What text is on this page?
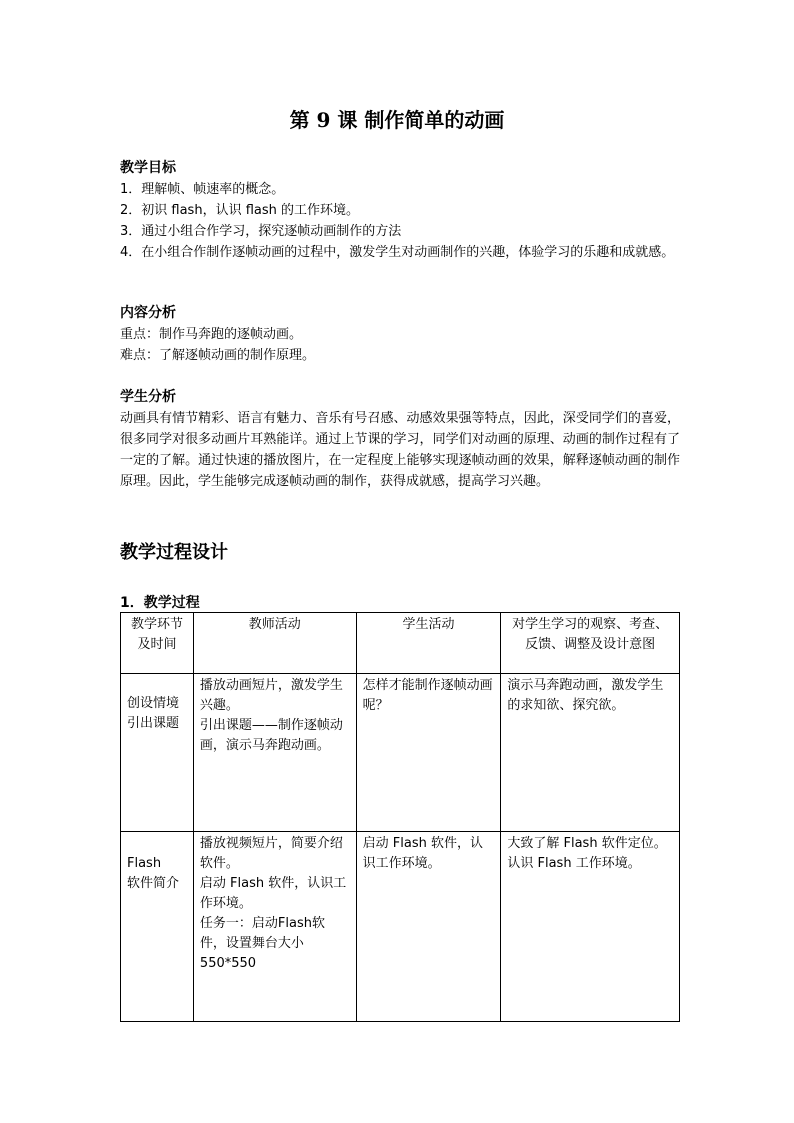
第 9 课 制作简单的动画
教学目标
1．理解帧、帧速率的概念。
2．初识 flash，认识 flash 的工作环境。
3．通过小组合作学习，探究逐帧动画制作的方法
4．在小组合作制作逐帧动画的过程中，激发学生对动画制作的兴趣，体验学习的乐趣和成就感。
内容分析
重点：制作马奔跑的逐帧动画。
难点：了解逐帧动画的制作原理。
学生分析
动画具有情节精彩、语言有魅力、音乐有号召感、动感效果强等特点，因此，深受同学们的喜爱，很多同学对很多动画片耳熟能详。通过上节课的学习，同学们对动画的原理、动画的制作过程有了一定的了解。通过快速的播放图片，在一定程度上能够实现逐帧动画的效果，解释逐帧动画的制作原理。因此，学生能够完成逐帧动画的制作，获得成就感，提高学习兴趣。
教学过程设计
1．教学过程
教学环节及时间	教师活动	学生活动	对学生学习的观察、考查、
反馈、调整及设计意图
创设情境
引出课题	播放动画短片，激发学生兴趣。
引出课题——制作逐帧动画，演示马奔跑动画。	怎样才能制作逐帧动画呢？	演示马奔跑动画，激发学生的求知欲、探究欲。
Flash
软件简介	播放视频短片，简要介绍软件。
启动 Flash 软件，认识工作环境。
任务一：启动Flash软件，设置舞台大小 550*550	启动 Flash 软件，认识工作环境。	大致了解 Flash 软件定位。
认识 Flash 工作环境。
